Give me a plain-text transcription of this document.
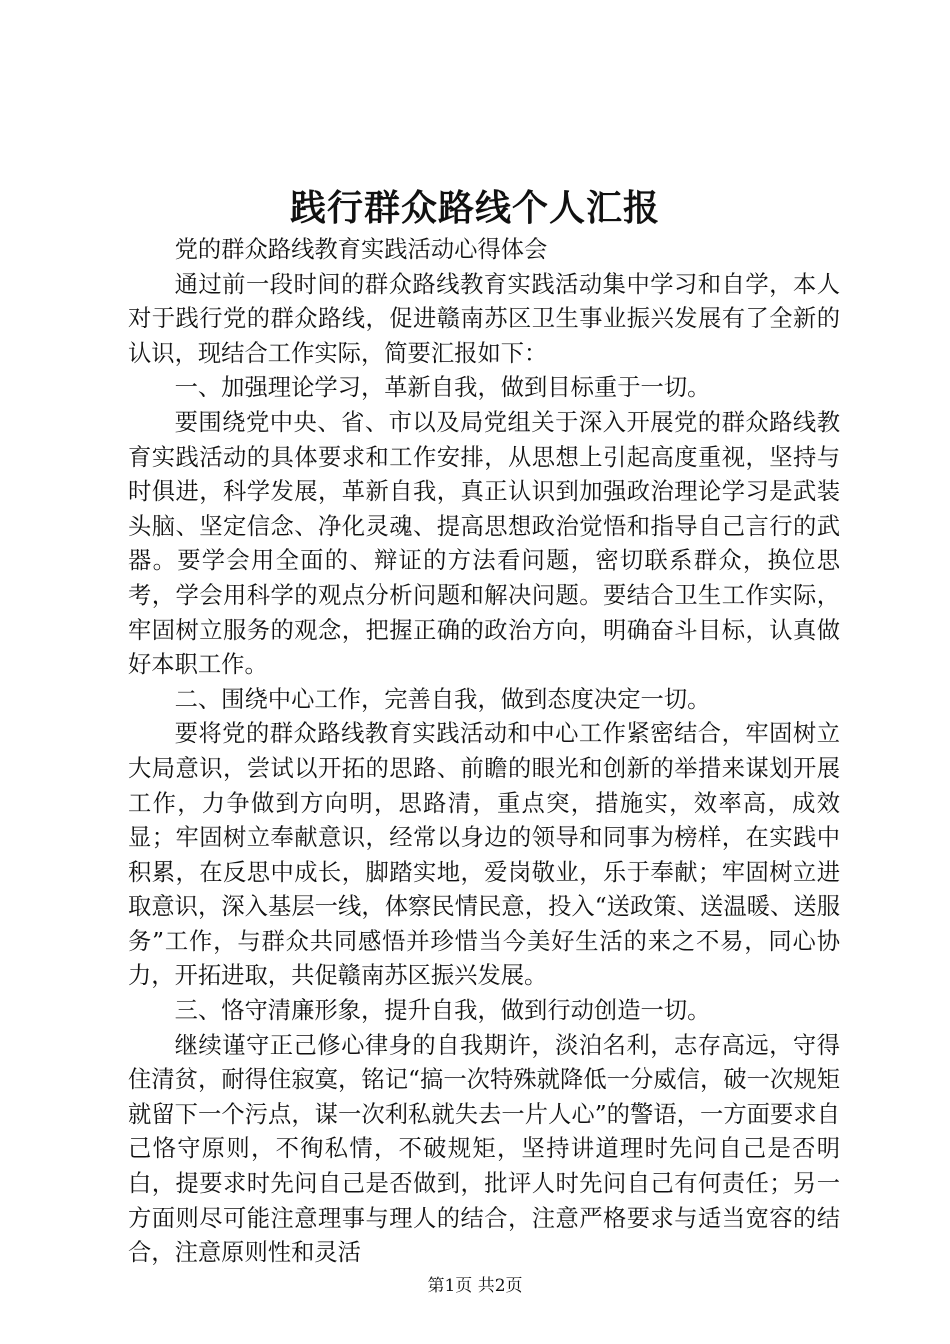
践行群众路线个人汇报

党的群众路线教育实践活动心得体会

通过前一段时间的群众路线教育实践活动集中学习和自学，本人对于践行党的群众路线，促进赣南苏区卫生事业振兴发展有了全新的认识，现结合工作实际，简要汇报如下：

一、加强理论学习，革新自我，做到目标重于一切。

要围绕党中央、省、市以及局党组关于深入开展党的群众路线教育实践活动的具体要求和工作安排，从思想上引起高度重视，坚持与时俱进，科学发展，革新自我，真正认识到加强政治理论学习是武装头脑、坚定信念、净化灵魂、提高思想政治觉悟和指导自己言行的武器。要学会用全面的、辩证的方法看问题，密切联系群众，换位思考，学会用科学的观点分析问题和解决问题。要结合卫生工作实际，牢固树立服务的观念，把握正确的政治方向，明确奋斗目标，认真做好本职工作。

二、围绕中心工作，完善自我，做到态度决定一切。

要将党的群众路线教育实践活动和中心工作紧密结合，牢固树立大局意识，尝试以开拓的思路、前瞻的眼光和创新的举措来谋划开展工作，力争做到方向明，思路清，重点突，措施实，效率高，成效显；牢固树立奉献意识，经常以身边的领导和同事为榜样，在实践中积累，在反思中成长，脚踏实地，爱岗敬业，乐于奉献；牢固树立进取意识，深入基层一线，体察民情民意，投入“送政策、送温暖、送服务”工作，与群众共同感悟并珍惜当今美好生活的来之不易，同心协力，开拓进取，共促赣南苏区振兴发展。

三、恪守清廉形象，提升自我，做到行动创造一切。

继续谨守正己修心律身的自我期许，淡泊名利，志存高远，守得住清贫，耐得住寂寞，铭记“搞一次特殊就降低一分威信，破一次规矩就留下一个污点，谋一次利私就失去一片人心”的警语，一方面要求自己恪守原则，不徇私情，不破规矩，坚持讲道理时先问自己是否明白，提要求时先问自己是否做到，批评人时先问自己有何责任；另一方面则尽可能注意理事与理人的结合，注意严格要求与适当宽容的结合，注意原则性和灵活

第1页 共2页
